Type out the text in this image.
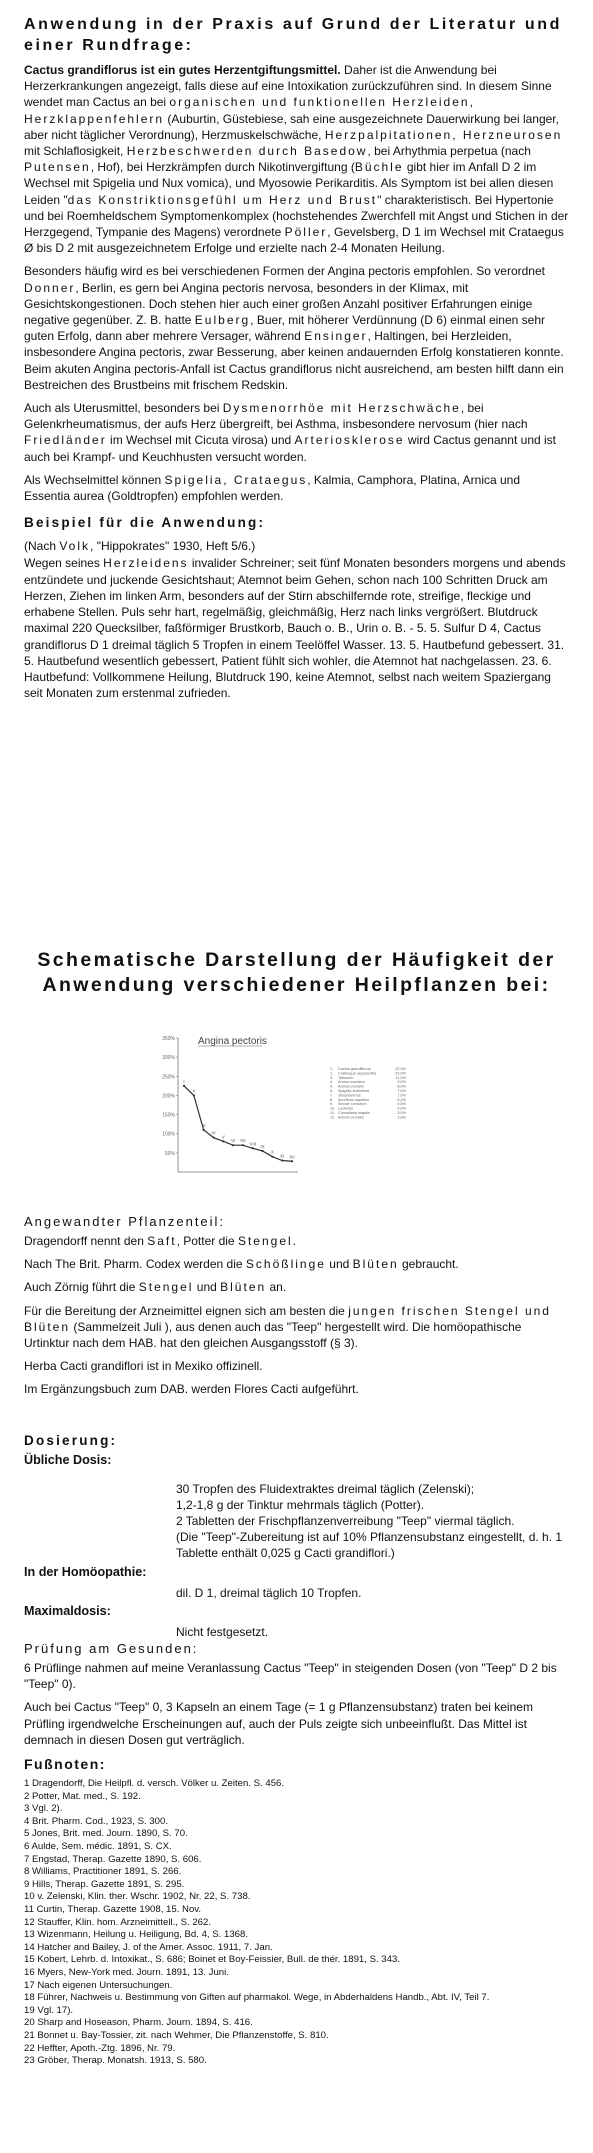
Anwendung in der Praxis auf Grund der Literatur und einer Rundfrage:

Cactus grandiflorus ist ein gutes Herzentgiftungsmittel. Daher ist die Anwendung bei Herzerkrankungen angezeigt, falls diese auf eine Intoxikation zurückzuführen sind. In diesem Sinne wendet man Cactus an bei organischen und funktionellen Herzleiden, Herzklappenfehlern (Auburtin, Güstebiese, sah eine ausgezeichnete Dauerwirkung bei langer, aber nicht täglicher Verordnung), Herzmuskelschwäche, Herzpalpitationen, Herzneurosen mit Schlaflosigkeit, Herzbeschwerden durch Basedow, bei Arhythmia perpetua (nach Putensen, Hof), bei Herzkrämpfen durch Nikotinvergiftung (Büchle gibt hier im Anfall D 2 im Wechsel mit Spigelia und Nux vomica), und Myosowie Perikarditis. Als Symptom ist bei allen diesen Leiden "das Konstriktionsgefühl um Herz und Brust" charakteristisch. Bei Hypertonie und bei Roemheldschem Symptomenkomplex (hochstehendes Zwerchfell mit Angst und Stichen in der Herzgegend, Tympanie des Magens) verordnete Pöller, Gevelsberg, D 1 im Wechsel mit Crataegus Ø bis D 2 mit ausgezeichnetem Erfolge und erzielte nach 2-4 Monaten Heilung.

Besonders häufig wird es bei verschiedenen Formen der Angina pectoris empfohlen. So verordnet Donner, Berlin, es gern bei Angina pectoris nervosa, besonders in der Klimax, mit Gesichtskongestionen. Doch stehen hier auch einer großen Anzahl positiver Erfahrungen einige negative gegenüber. Z. B. hatte Eulberg, Buer, mit höherer Verdünnung (D 6) einmal einen sehr guten Erfolg, dann aber mehrere Versager, während Ensinger, Haltingen, bei Herzleiden, insbesondere Angina pectoris, zwar Besserung, aber keinen andauernden Erfolg konstatieren konnte. Beim akuten Angina pectoris-Anfall ist Cactus grandiflorus nicht ausreichend, am besten hilft dann ein Bestreichen des Brustbeins mit frischem Redskin.

Auch als Uterusmittel, besonders bei Dysmenorrhöe mit Herzschwäche, bei Gelenkrheumatismus, der aufs Herz übergreift, bei Asthma, insbesondere nervosum (hier nach Friedländer im Wechsel mit Cicuta virosa) und Arteriosklerose wird Cactus genannt und ist auch bei Krampf- und Keuchhusten versucht worden.

Als Wechselmittel können Spigelia, Crataegus, Kalmia, Camphora, Platina, Arnica und Essentia aurea (Goldtropfen) empfohlen werden.

Beispiel für die Anwendung:

(Nach Volk, "Hippokrates" 1930, Heft 5/6.)

Wegen seines Herzleidens invalider Schreiner; seit fünf Monaten besonders morgens und abends entzündete und juckende Gesichtshaut; Atemnot beim Gehen, schon nach 100 Schritten Druck am Herzen, Ziehen im linken Arm, besonders auf der Stirn abschilfernde rote, streifige, fleckige und erhabene Stellen. Puls sehr hart, regelmäßig, gleichmäßig, Herz nach links vergrößert. Blutdruck maximal 220 Quecksilber, faßförmiger Brustkorb, Bauch o. B., Urin o. B. - 5. 5. Sulfur D 4, Cactus grandiflorus D 1 dreimal täglich 5 Tropfen in einem Teelöffel Wasser. 13. 5. Hautbefund gebessert. 31. 5. Hautbefund wesentlich gebessert, Patient fühlt sich wohler, die Atemnot hat nachgelassen. 23. 6. Hautbefund: Vollkommene Heilung, Blutdruck 190, keine Atemnot, selbst nach weitem Spaziergang seit Monaten zum erstenmal zufrieden.

Schematische Darstellung der Häufigkeit der Anwendung verschiedener Heilpflanzen bei:
350%
300%
250%
200%
150%
100%
50%
Angina pectoris
I
II
III
IV
V
VI VII
VIII
IX
X
XI XII
1. Cactus grandiflorus	22,5%
2. Crataegus oxyacantha	20,0%
3. Tabacum	11,0%
4. Arnica montana	9,0%
5. Adonis vernalis	8,0%
6. Spigelia anthelmia	7,0%
7. Strophanthus	7,0%
8. Aconitum napellus	6,2%
9. Secale cornutum	5,5%
10. Lachesis	4,0%
11. Convallaria majalis	3,0%
12. Adonis vernalis	2,8%
Angewandter Pflanzenteil:

Dragendorff nennt den Saft, Potter die Stengel.

Nach The Brit. Pharm. Codex werden die Schößlinge und Blüten gebraucht.

Auch Zörnig führt die Stengel und Blüten an.

Für die Bereitung der Arzneimittel eignen sich am besten die jungen frischen Stengel und Blüten (Sammelzeit Juli ), aus denen auch das "Teep" hergestellt wird. Die homöopathische Urtinktur nach dem HAB. hat den gleichen Ausgangsstoff (§ 3).

Herba Cacti grandiflori ist in Mexiko offizinell.

Im Ergänzungsbuch zum DAB. werden Flores Cacti aufgeführt.

Dosierung:
Übliche Dosis:

30 Tropfen des Fluidextraktes dreimal täglich (Zelenski);

1,2-1,8 g der Tinktur mehrmals täglich (Potter).

2 Tabletten der Frischpflanzenverreibung "Teep" viermal täglich.

(Die "Teep"-Zubereitung ist auf 10% Pflanzensubstanz eingestellt, d. h. 1 Tablette enthält 0,025 g Cacti grandiflori.)

In der Homöopathie:

dil. D 1, dreimal täglich 10 Tropfen.

Maximaldosis:

Nicht festgesetzt.

Prüfung am Gesunden:

6 Prüflinge nahmen auf meine Veranlassung Cactus "Teep" in steigenden Dosen (von "Teep" D 2 bis "Teep" 0).

Auch bei Cactus "Teep" 0, 3 Kapseln an einem Tage (= 1 g Pflanzensubstanz) traten bei keinem Prüfling irgendwelche Erscheinungen auf, auch der Puls zeigte sich unbeeinflußt. Das Mittel ist demnach in diesen Dosen gut verträglich.

Fußnoten:

1 Dragendorff, Die Heilpfl. d. versch. Völker u. Zeiten. S. 456.

2 Potter, Mat. med., S. 192.

3 Vgl. 2).

4 Brit. Pharm. Cod., 1923, S. 300.

5 Jones, Brit. med. Journ. 1890, S. 70.

6 Aulde, Sem. médic. 1891, S. CX.

7 Engstad, Therap. Gazette 1890, S. 606.

8 Williams, Practitioner 1891, S. 266.

9 Hills, Therap. Gazette 1891, S. 295.

10 v. Zelenski, Klin. ther. Wschr. 1902, Nr. 22, S. 738.

11 Curtin, Therap. Gazette 1908, 15. Nov.

12 Stauffer, Klin. hom. Arzneimittell., S. 262.

13 Wizenmann, Heilung u. Heiligung, Bd. 4, S. 1368.

14 Hatcher and Bailey, J. of the Amer. Assoc. 1911, 7. Jan.

15 Kobert, Lehrb. d. Intoxikat., S. 686; Boinet et Boy-Feissier, Bull. de thér. 1891, S. 343.

16 Myers, New-York med. Journ. 1891, 13. Juni.

17 Nach eigenen Untersuchungen.

18 Führer, Nachweis u. Bestimmung von Giften auf pharmakol. Wege, in Abderhaldens Handb., Abt. IV, Teil 7.

19 Vgl. 17).

20 Sharp and Hoseason, Pharm. Journ. 1894, S. 416.

21 Bonnet u. Bay-Tossier, zit. nach Wehmer, Die Pflanzenstoffe, S. 810.

22 Heffter, Apoth.-Ztg. 1896, Nr. 79.

23 Gröber, Therap. Monatsh. 1913, S. 580.
